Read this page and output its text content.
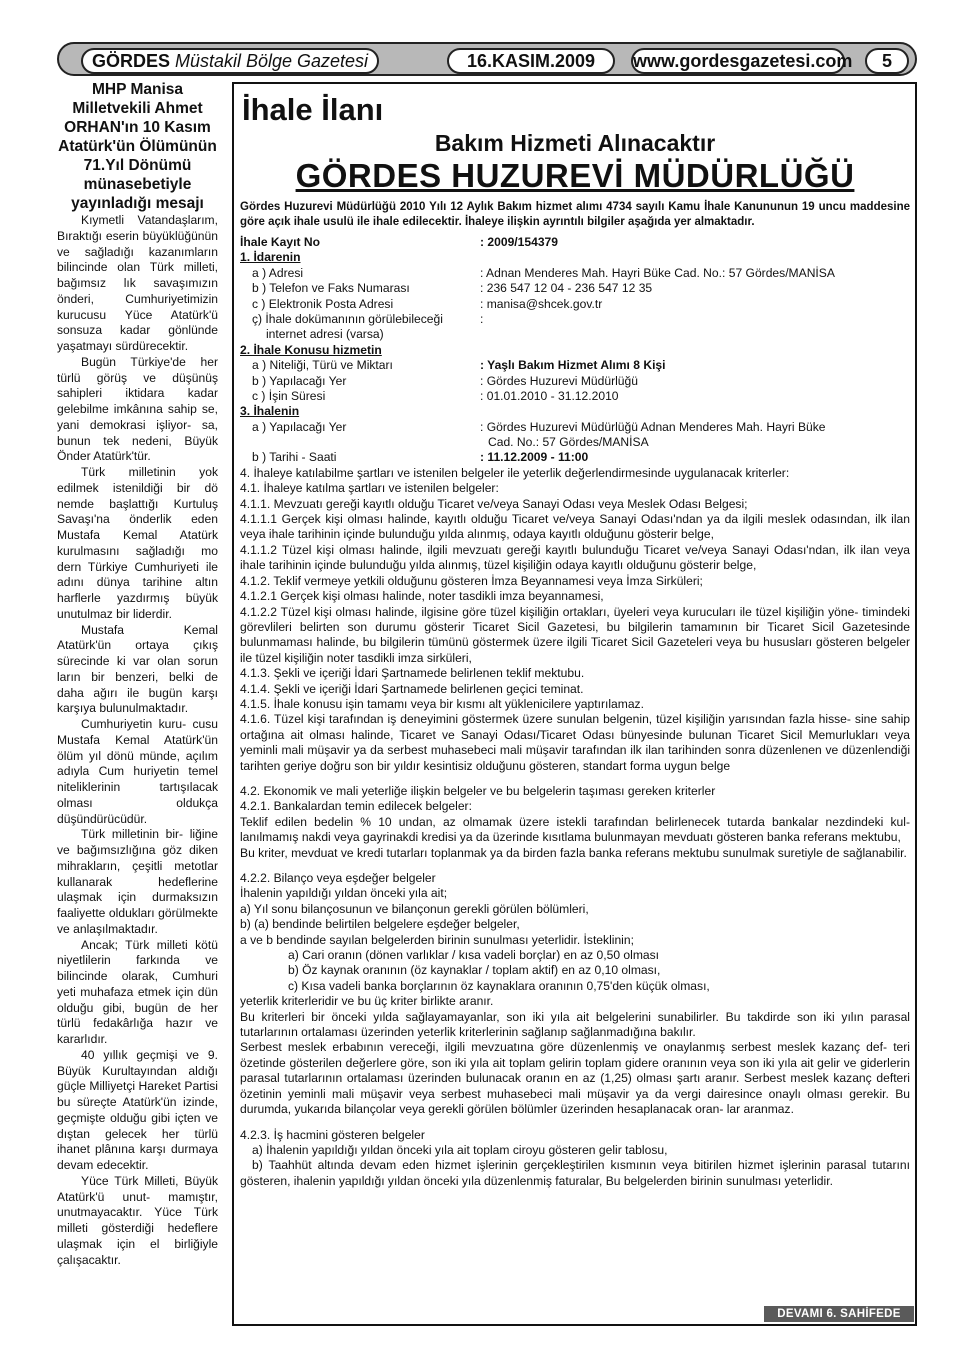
GÖRDES Müstakil Bölge Gazetesi	16.KASIM.2009	www.gordesgazetesi.com	5
MHP Manisa Milletvekili Ahmet ORHAN'ın 10 Kasım Atatürk'ün Ölümünün 71.Yıl Dönümü münasebetiyle yayınladığı mesajı

Kıymetli Vatandaşlarım, Bıraktığı eserin büyüklüğünün ve sağladığı kazanımların bilincinde olan Türk milleti, bağımsız lık savaşımızın önderi, Cumhuriyetimizin kurucusu Yüce Atatürk'ü sonsuza kadar gönlünde yaşatmayı sürdürecektir.

Bugün Türkiye'de her türlü görüş ve düşünüş sahipleri iktidara kadar gelebilme imkânına sahip se, yani demokrasi işliyor- sa, bunun tek nedeni, Büyük Önder Atatürk'tür.

Türk milletinin yok edilmek istenildiği bir dö nemde başlattığı Kurtuluş Savaşı'na önderlik eden Mustafa Kemal Atatürk kurulmasını sağladığı mo dern Türkiye Cumhuriyeti ile adını dünya tarihine altın harflerle yazdırmış büyük unutulmaz bir liderdir.

Mustafa Kemal Atatürk'ün ortaya çıkış sürecinde ki var olan sorun ların bir benzeri, belki de daha ağırı ile bugün karşı karşıya bulunulmaktadır.

Cumhuriyetin kuru- cusu Mustafa Kemal Atatürk'ün ölüm yıl dönü münde, açılım adıyla Cum huriyetin temel niteliklerinin tartışılacak olması oldukça düşündürücüdür.

Türk milletinin bir- liğine ve bağımsızlığına göz diken mihrakların, çeşitli metotlar kullanarak hedeflerine ulaşmak için durmaksızın faaliyette oldukları görülmekte ve anlaşılmaktadır.

Ancak; Türk milleti kötü niyetlilerin farkında ve bilincinde olarak, Cumhuri yeti muhafaza etmek için dün olduğu gibi, bugün de her türlü fedakârlığa hazır ve kararlıdır.

40 yıllık geçmişi ve 9. Büyük Kurultayından aldığı güçle Milliyetçi Hareket Partisi bu süreçte Atatürk'ün izinde, geçmişte olduğu gibi içten ve dıştan gelecek her türlü ihanet plânına karşı durmaya devam edecektir.

Yüce Türk Milleti, Büyük Atatürk'ü unut- mamıştır, unutmayacaktır. Yüce Türk milleti gösterdiği hedeflere ulaşmak için el birliğiyle çalışacaktır.

İhale İlanı
Bakım Hizmeti Alınacaktır
GÖRDES HUZUREVİ MÜDÜRLÜĞÜ
Gördes Huzurevi Müdürlüğü 2010 Yılı 12 Aylık Bakım hizmet alımı 4734 sayılı Kamu İhale Kanununun 19 uncu maddesine göre açık ihale usulü ile ihale edilecektir. İhaleye ilişkin ayrıntılı bilgiler aşağıda yer almaktadır.
İhale Kayıt No	: 2009/154379
1. İdarenin
a ) Adresi	: Adnan Menderes Mah. Hayri Büke Cad. No.: 57 Gördes/MANİSA
b ) Telefon ve Faks Numarası	: 236 547 12 04 - 236 547 12 35
c ) Elektronik Posta Adresi	: manisa@shcek.gov.tr
ç) İhale dokümanının görülebileceği	:
internet adresi (varsa)
2. İhale Konusu hizmetin
a ) Niteliği, Türü ve Miktarı	: Yaşlı Bakım Hizmet Alımı 8 Kişi
b ) Yapılacağı Yer	: Gördes Huzurevi Müdürlüğü
c ) İşin Süresi	: 01.01.2010 - 31.12.2010
3. İhalenin
a ) Yapılacağı Yer	: Gördes Huzurevi Müdürlüğü Adnan Menderes Mah. Hayri Büke
Cad. No.: 57 Gördes/MANİSA
b ) Tarihi - Saati	: 11.12.2009 - 11:00
4. İhaleye katılabilme şartları ve istenilen belgeler ile yeterlik değerlendirmesinde uygulanacak kriterler:
4.1. İhaleye katılma şartları ve istenilen belgeler:
4.1.1. Mevzuatı gereği kayıtlı olduğu Ticaret ve/veya Sanayi Odası veya Meslek Odası Belgesi;
4.1.1.1 Gerçek kişi olması halinde, kayıtlı olduğu Ticaret ve/veya Sanayi Odası'ndan ya da ilgili meslek odasından, ilk ilan veya ihale tarihinin içinde bulunduğu yılda alınmış, odaya kayıtlı olduğunu gösterir belge,
4.1.1.2 Tüzel kişi olması halinde, ilgili mevzuatı gereği kayıtlı bulunduğu Ticaret ve/veya Sanayi Odası'ndan, ilk ilan veya ihale tarihinin içinde bulunduğu yılda alınmış, tüzel kişiliğin odaya kayıtlı olduğunu gösterir belge,
4.1.2. Teklif vermeye yetkili olduğunu gösteren İmza Beyannamesi veya İmza Sirküleri;
4.1.2.1 Gerçek kişi olması halinde, noter tasdikli imza beyannamesi,
4.1.2.2 Tüzel kişi olması halinde, ilgisine göre tüzel kişiliğin ortakları, üyeleri veya kurucuları ile tüzel kişiliğin yöne- timindeki görevlileri belirten son durumu gösterir Ticaret Sicil Gazetesi, bu bilgilerin tamamının bir Ticaret Sicil Gazetesinde bulunmaması halinde, bu bilgilerin tümünü göstermek üzere ilgili Ticaret Sicil Gazeteleri veya bu hususları gösteren belgeler ile tüzel kişiliğin noter tasdikli imza sirküleri,
4.1.3. Şekli ve içeriği İdari Şartnamede belirlenen teklif mektubu.
4.1.4. Şekli ve içeriği İdari Şartnamede belirlenen geçici teminat.
4.1.5. İhale konusu işin tamamı veya bir kısmı alt yüklenicilere yaptırılamaz.
4.1.6. Tüzel kişi tarafından iş deneyimini göstermek üzere sunulan belgenin, tüzel kişiliğin yarısından fazla hisse- sine sahip ortağına ait olması halinde, Ticaret ve Sanayi Odası/Ticaret Odası bünyesinde bulunan Ticaret Sicil Memurlukları veya yeminli mali müşavir ya da serbest muhasebeci mali müşavir tarafından ilk ilan tarihinden sonra düzenlenen ve düzenlendiği tarihten geriye doğru son bir yıldır kesintisiz olduğunu gösteren, standart forma uygun belge
4.2. Ekonomik ve mali yeterliğe ilişkin belgeler ve bu belgelerin taşıması gereken kriterler
4.2.1. Bankalardan temin edilecek belgeler:
Teklif edilen bedelin % 10 undan, az olmamak üzere istekli tarafından belirlenecek tutarda bankalar nezdindeki kul- lanılmamış nakdi veya gayrinakdi kredisi ya da üzerinde kısıtlama bulunmayan mevduatı gösteren banka referans mektubu,
Bu kriter, mevduat ve kredi tutarları toplanmak ya da birden fazla banka referans mektubu sunulmak suretiyle de sağlanabilir.
4.2.2. Bilanço veya eşdeğer belgeler
İhalenin yapıldığı yıldan önceki yıla ait;
a) Yıl sonu bilançosunun ve bilançonun gerekli görülen bölümleri,
b) (a) bendinde belirtilen belgelere eşdeğer belgeler,
a ve b bendinde sayılan belgelerden birinin sunulması yeterlidir. İsteklinin;
a) Cari oranın (dönen varlıklar / kısa vadeli borçlar) en az 0,50 olması
b) Öz kaynak oranının (öz kaynaklar / toplam aktif) en az 0,10 olması,
c) Kısa vadeli banka borçlarının öz kaynaklara oranının 0,75'den küçük olması,
yeterlik kriterleridir ve bu üç kriter birlikte aranır.
Bu kriterleri bir önceki yılda sağlayamayanlar, son iki yıla ait belgelerini sunabilirler. Bu takdirde son iki yılın parasal tutarlarının ortalaması üzerinden yeterlik kriterlerinin sağlanıp sağlanmadığına bakılır.
Serbest meslek erbabının vereceği, ilgili mevzuatına göre düzenlenmiş ve onaylanmış serbest meslek kazanç def- teri özetinde gösterilen değerlere göre, son iki yıla ait toplam gelirin toplam gidere oranının veya son iki yıla ait gelir ve giderlerin parasal tutarlarının ortalaması üzerinden bulunacak oranın en az (1,25) olması şartı aranır. Serbest meslek kazanç defteri özetinin yeminli mali müşavir veya serbest muhasebeci mali müşavir ya da vergi dairesince onaylı olması gerekir. Bu durumda, yukarıda bilançolar veya gerekli görülen bölümler üzerinden hesaplanacak oran- lar aranmaz.
4.2.3. İş hacmini gösteren belgeler
a) İhalenin yapıldığı yıldan önceki yıla ait toplam ciroyu gösteren gelir tablosu,
b) Taahhüt altında devam eden hizmet işlerinin gerçekleştirilen kısmının veya bitirilen hizmet işlerinin parasal tutarını gösteren, ihalenin yapıldığı yıldan önceki yıla düzenlenmiş faturalar, Bu belgelerden birinin sunulması yeterlidir.
DEVAMI 6. SAHİFEDE
